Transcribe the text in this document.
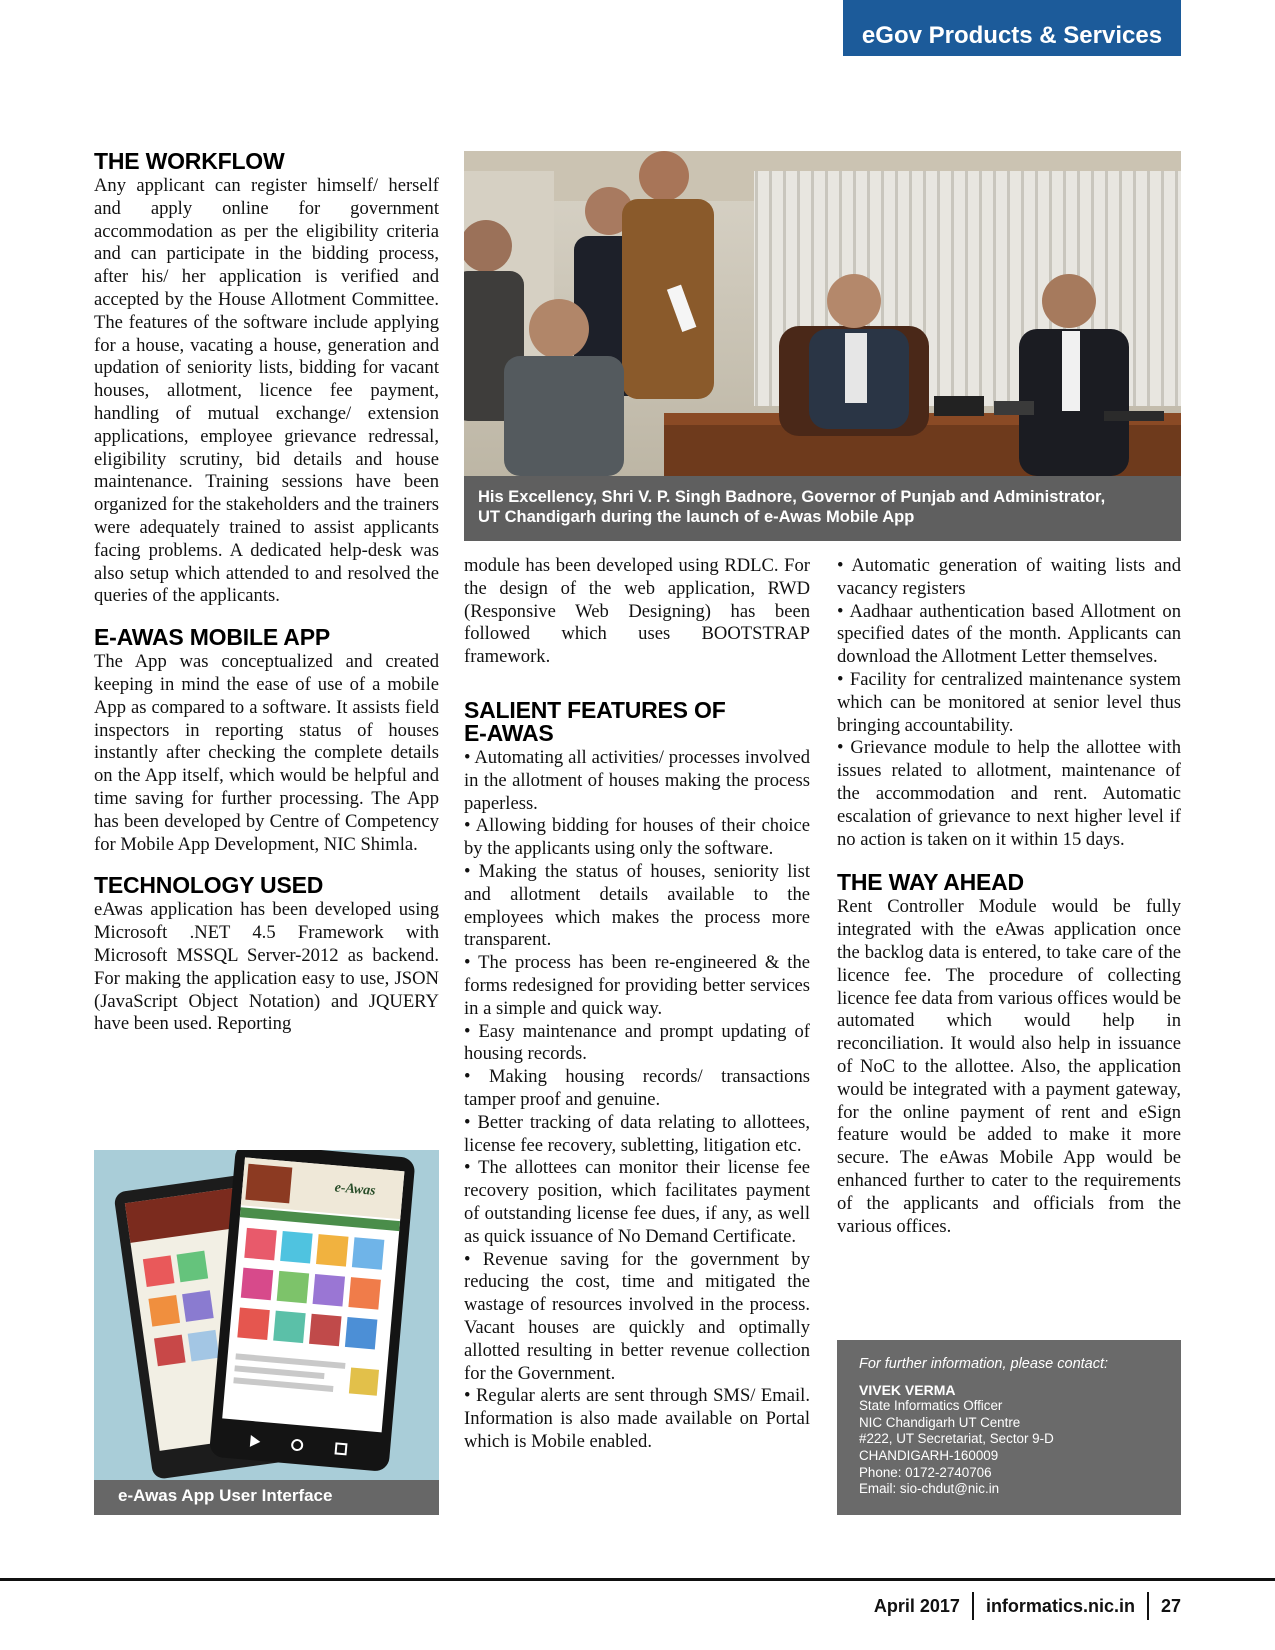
eGov Products & Services
THE WORKFLOW

Any applicant can register himself/ herself and apply online for government accommodation as per the eligibility criteria and can participate in the bidding process, after his/ her application is verified and accepted by the House Allotment Committee. The features of the software include applying for a house, vacating a house, generation and updation of seniority lists, bidding for vacant houses, allotment, licence fee payment, handling of mutual exchange/ extension applications, employee grievance redressal, eligibility scrutiny, bid details and house maintenance. Training sessions have been organized for the stakeholders and the trainers were adequately trained to assist applicants facing problems. A dedicated help-desk was also setup which attended to and resolved the queries of the applicants.

E-AWAS MOBILE APP

The App was conceptualized and created keeping in mind the ease of use of a mobile App as compared to a software. It assists field inspectors in reporting status of houses instantly after checking the complete details on the App itself, which would be helpful and time saving for further processing. The App has been developed by Centre of Competency for Mobile App Development, NIC Shimla.

TECHNOLOGY USED

eAwas application has been developed using Microsoft .NET 4.5 Framework with Microsoft MSSQL Server-2012 as backend. For making the application easy to use, JSON (JavaScript Object Notation) and JQUERY have been used. Reporting

His Excellency, Shri V. P. Singh Badnore, Governor of Punjab and Administrator,
UT Chandigarh during the launch of e-Awas Mobile App

module has been developed using RDLC. For the design of the web application, RWD (Responsive Web Designing) has been followed which uses BOOTSTRAP framework.

SALIENT FEATURES OF
E-AWAS

• Automating all activities/ processes involved in the allotment of houses making the process paperless.

• Allowing bidding for houses of their choice by the applicants using only the software.

• Making the status of houses, seniority list and allotment details available to the employees which makes the process more transparent.

• The process has been re-engineered & the forms redesigned for providing better services in a simple and quick way.

• Easy maintenance and prompt updating of housing records.

• Making housing records/ transactions tamper proof and genuine.

• Better tracking of data relating to allottees, license fee recovery, subletting, litigation etc.

• The allottees can monitor their license fee recovery position, which facilitates payment of outstanding license fee dues, if any, as well as quick issuance of No Demand Certificate.

• Revenue saving for the government by reducing the cost, time and mitigated the wastage of resources involved in the process. Vacant houses are quickly and optimally allotted resulting in better revenue collection for the Government.

• Regular alerts are sent through SMS/ Email. Information is also made available on Portal which is Mobile enabled.

• Automatic generation of waiting lists and vacancy registers

• Aadhaar authentication based Allotment on specified dates of the month. Applicants can download the Allotment Letter themselves.

• Facility for centralized maintenance system which can be monitored at senior level thus bringing accountability.

• Grievance module to help the allottee with issues related to allotment, maintenance of the accommodation and rent. Automatic escalation of grievance to next higher level if no action is taken on it within 15 days.

THE WAY AHEAD

Rent Controller Module would be fully integrated with the eAwas application once the backlog data is entered, to take care of the licence fee. The procedure of collecting licence fee data from various offices would be automated which would help in reconciliation. It would also help in issuance of NoC to the allottee. Also, the application would be integrated with a payment gateway, for the online payment of rent and eSign feature would be added to make it more secure. The eAwas Mobile App would be enhanced further to cater to the requirements of the applicants and officials from the various offices.

e-Awas
e-Awas App User Interface
For further information, please contact:
VIVEK VERMA
State Informatics Officer
NIC Chandigarh UT Centre
#222, UT Secretariat, Sector 9-D
CHANDIGARH-160009
Phone: 0172-2740706
Email: sio-chdut@nic.in
April 2017 informatics.nic.in 27
